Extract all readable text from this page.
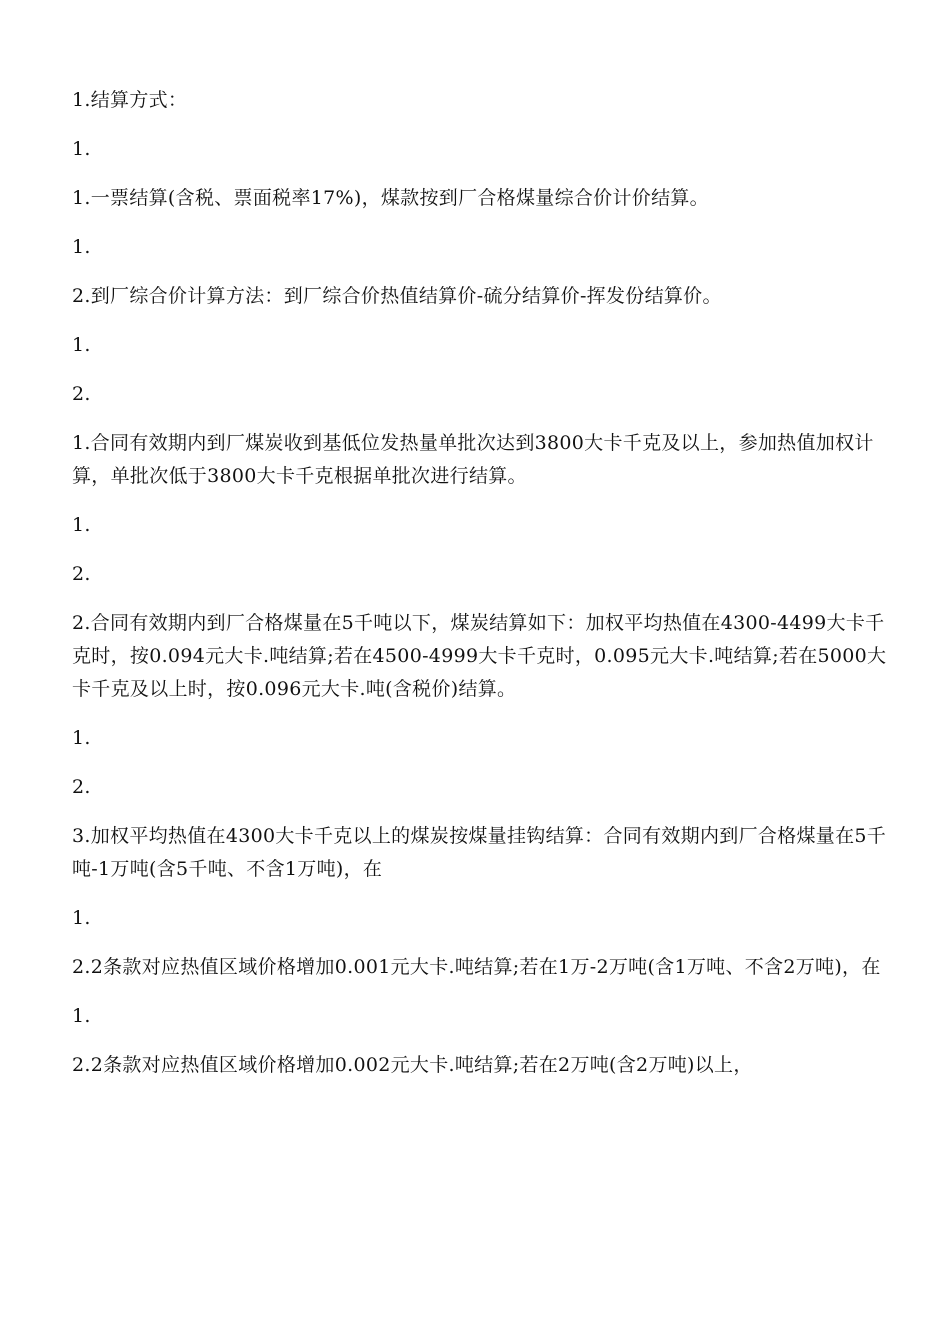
1.结算方式：

1.

1.一票结算(含税、票面税率17%)，煤款按到厂合格煤量综合价计价结算。

1.

2.到厂综合价计算方法：到厂综合价热值结算价-硫分结算价-挥发份结算价。

1.

2.

1.合同有效期内到厂煤炭收到基低位发热量单批次达到3800大卡千克及以上，参加热值加权计算，单批次低于3800大卡千克根据单批次进行结算。

1.

2.

2.合同有效期内到厂合格煤量在5千吨以下，煤炭结算如下：加权平均热值在4300-4499大卡千克时，按0.094元大卡.吨结算;若在4500-4999大卡千克时，0.095元大卡.吨结算;若在5000大卡千克及以上时，按0.096元大卡.吨(含税价)结算。

1.

2.

3.加权平均热值在4300大卡千克以上的煤炭按煤量挂钩结算：合同有效期内到厂合格煤量在5千吨-1万吨(含5千吨、不含1万吨)，在

1.

2.2条款对应热值区域价格增加0.001元大卡.吨结算;若在1万-2万吨(含1万吨、不含2万吨)，在

1.

2.2条款对应热值区域价格增加0.002元大卡.吨结算;若在2万吨(含2万吨)以上，
